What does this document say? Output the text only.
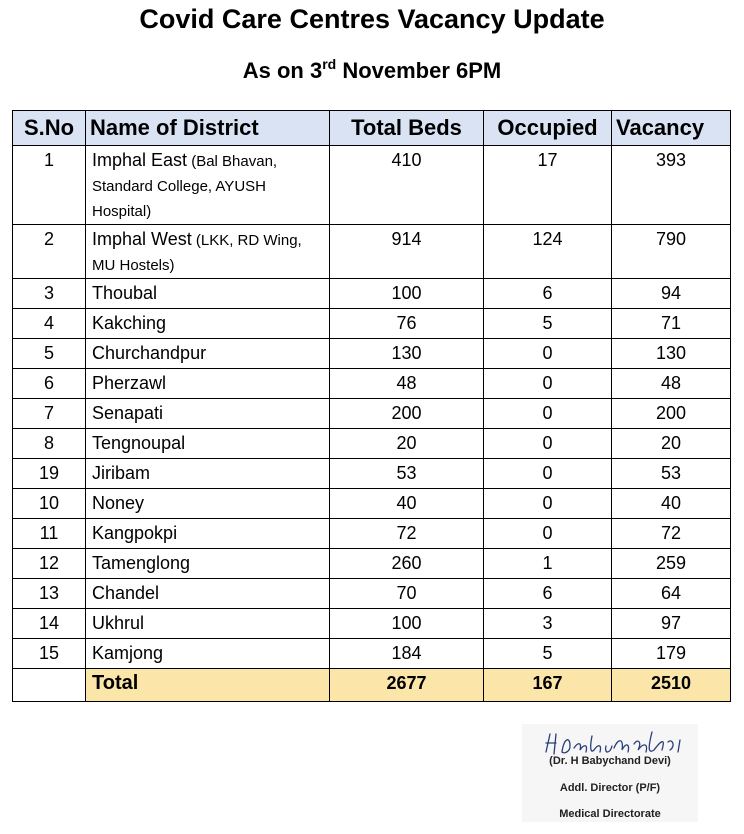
Covid Care Centres Vacancy Update
As on 3rd November 6PM
S.No	Name of District	Total Beds	Occupied	Vacancy
1	Imphal East (Bal Bhavan, Standard College, AYUSH Hospital)	410	17	393
2	Imphal West (LKK, RD Wing, MU Hostels)	914	124	790
3	Thoubal	100	6	94
4	Kakching	76	5	71
5	Churchandpur	130	0	130
6	Pherzawl	48	0	48
7	Senapati	200	0	200
8	Tengnoupal	20	0	20
19	Jiribam	53	0	53
10	Noney	40	0	40
11	Kangpokpi	72	0	72
12	Tamenglong	260	1	259
13	Chandel	70	6	64
14	Ukhrul	100	3	97
15	Kamjong	184	5	179
	Total	2677	167	2510
(Dr. H Babychand Devi)
Addl. Director (P/F)
Medical Directorate
